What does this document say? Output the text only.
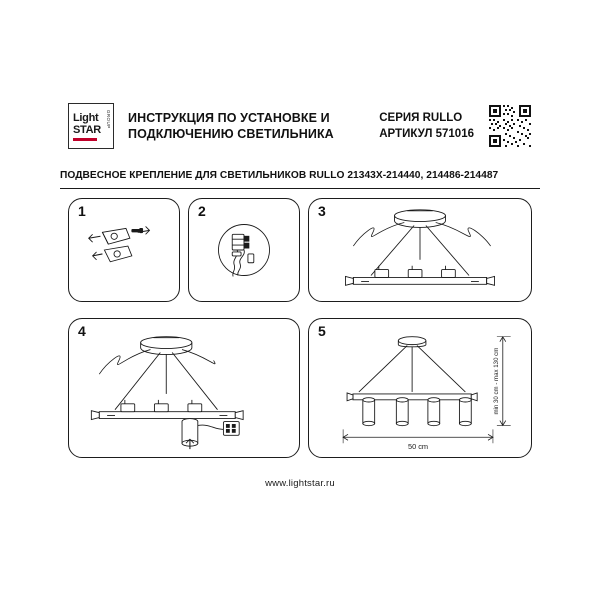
Light
STAR
GROUP ИНСТРУКЦИЯ ПО УСТАНОВКЕ И
ПОДКЛЮЧЕНИЮ СВЕТИЛЬНИКА
СЕРИЯ RULLO
АРТИКУЛ 571016
ПОДВЕСНОЕ КРЕПЛЕНИЕ ДЛЯ СВЕТИЛЬНИКОВ RULLO 21343Х-214440, 214486-214487
1	2	3
4	5
50 cm
min 30 cm - max 130 cm
www.lightstar.ru
